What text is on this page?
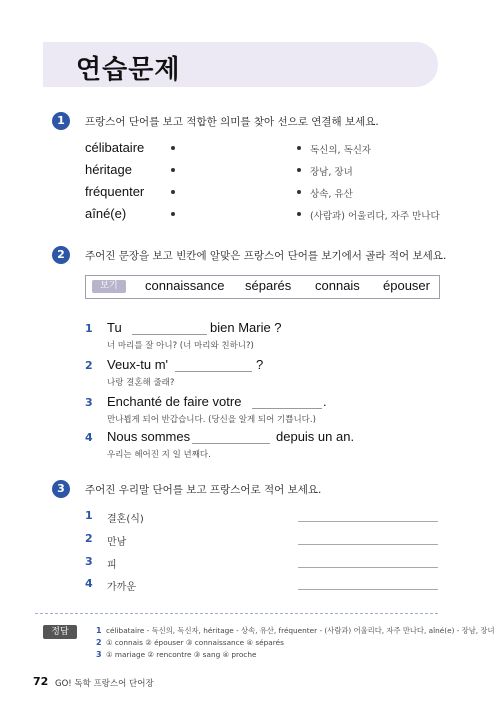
연습문제
1	프랑스어 단어를 보고 적합한 의미를 찾아 선으로 연결해 보세요.
célibataire
héritage
fréquenter
aîné(e)
독신의, 독신자
장남, 장녀
상속, 유산
(사람과) 어울리다, 자주 만나다
2	주어진 문장을 보고 빈칸에 알맞은 프랑스어 단어를 보기에서 골라 적어 보세요.
보기	connaissance séparés connais épouser
1 Tu	bien Marie ?
너 마리를 잘 아니? (너 마리와 친하니?)
2 Veux-tu m'	?
나랑 결혼해 줄래?
3 Enchanté de faire votre	.
만나뵙게 되어 반갑습니다. (당신을 알게 되어 기쁩니다.)
4 Nous sommes	depuis un an.
우리는 헤어진 지 일 년째다.
3	주어진 우리말 단어를 보고 프랑스어로 적어 보세요.
1 결혼(식)
2 만남
3 피
4 가까운
정답	1 célibataire - 독신의, 독신자, héritage - 상속, 유산, fréquenter - (사람과) 어울리다, 자주 만나다, aîné(e) - 장남, 장녀
2 ① connais ② épouser ③ connaissance ④ séparés
3 ① mariage ② rencontre ③ sang ④ proche
72 GO! 독학 프랑스어 단어장
